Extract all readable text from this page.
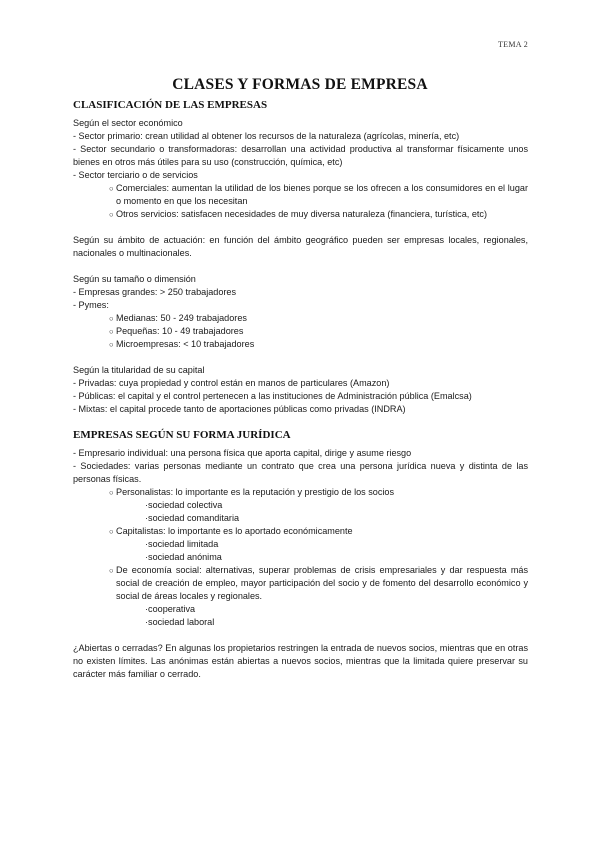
TEMA 2
CLASES Y FORMAS DE EMPRESA
CLASIFICACIÓN DE LAS EMPRESAS

Según el sector económico

- Sector primario: crean utilidad al obtener los recursos de la naturaleza (agrícolas, minería, etc)

- Sector secundario o transformadoras: desarrollan una actividad productiva al transformar físicamente unos bienes en otros más útiles para su uso (construcción, química, etc)

- Sector terciario o de servicios

○ Comerciales: aumentan la utilidad de los bienes porque se los ofrecen a los consumidores en el lugar o momento en que los necesitan
○ Otros servicios: satisfacen necesidades de muy diversa naturaleza (financiera, turística, etc)

Según su ámbito de actuación: en función del ámbito geográfico pueden ser empresas locales, regionales, nacionales o multinacionales.

Según su tamaño o dimensión

- Empresas grandes: > 250 trabajadores

- Pymes:

○ Medianas: 50 - 249 trabajadores
○ Pequeñas: 10 - 49 trabajadores
○ Microempresas: < 10 trabajadores

Según la titularidad de su capital

- Privadas: cuya propiedad y control están en manos de particulares (Amazon)

- Públicas: el capital y el control pertenecen a las instituciones de Administración pública (Emalcsa)

- Mixtas: el capital procede tanto de aportaciones públicas como privadas (INDRA)

EMPRESAS SEGÚN SU FORMA JURÍDICA

- Empresario individual: una persona física que aporta capital, dirige y asume riesgo

- Sociedades: varias personas mediante un contrato que crea una persona jurídica nueva y distinta de las personas físicas.

○ Personalistas: lo importante es la reputación y prestigio de los socios
·sociedad colectiva
·sociedad comanditaria
○ Capitalistas: lo importante es lo aportado económicamente
·sociedad limitada
·sociedad anónima
○ De economía social: alternativas, superar problemas de crisis empresariales y dar respuesta más social de creación de empleo, mayor participación del socio y de fomento del desarrollo económico y social de áreas locales y regionales.
·cooperativa
·sociedad laboral

¿Abiertas o cerradas? En algunas los propietarios restringen la entrada de nuevos socios, mientras que en otras no existen límites. Las anónimas están abiertas a nuevos socios, mientras que la limitada quiere preservar su carácter más familiar o cerrado.
